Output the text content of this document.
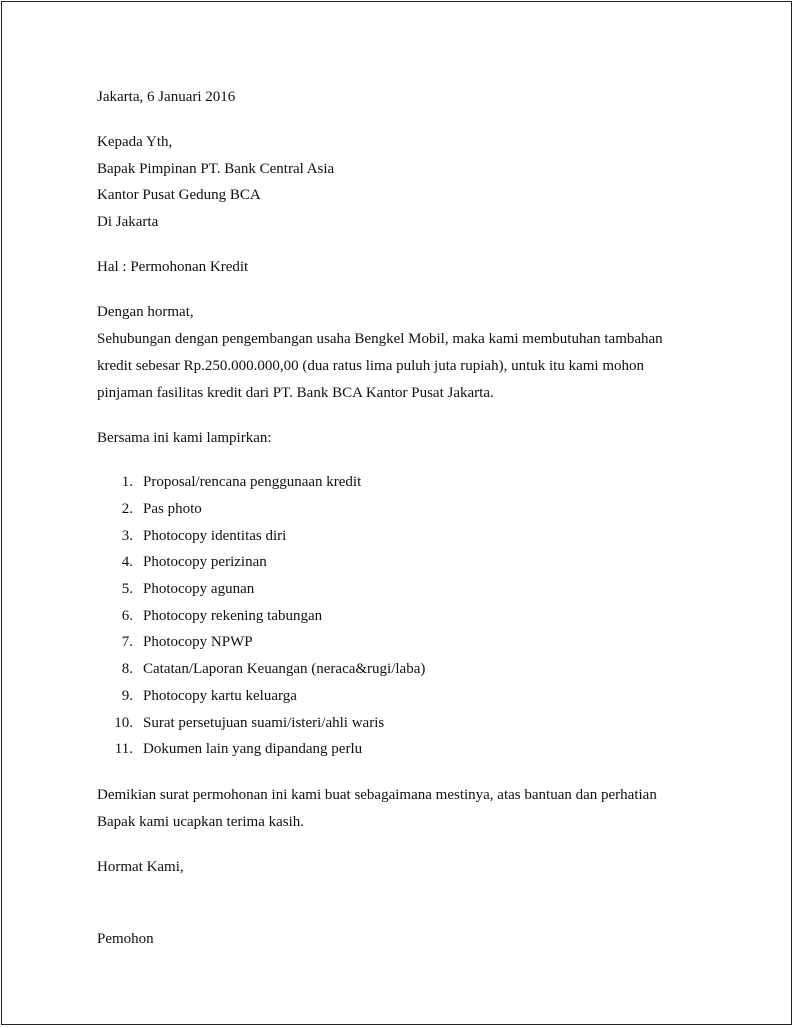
Jakarta, 6 Januari 2016
Kepada Yth,
Bapak Pimpinan PT. Bank Central Asia
Kantor Pusat Gedung BCA
Di Jakarta
Hal : Permohonan Kredit
Dengan hormat,
Sehubungan dengan pengembangan usaha Bengkel Mobil, maka kami membutuhan tambahan
kredit sebesar Rp.250.000.000,00 (dua ratus lima puluh juta rupiah), untuk itu kami mohon
pinjaman fasilitas kredit dari PT. Bank BCA Kantor Pusat Jakarta.
Bersama ini kami lampirkan:
1. Proposal/rencana penggunaan kredit
2. Pas photo
3. Photocopy identitas diri
4. Photocopy perizinan
5. Photocopy agunan
6. Photocopy rekening tabungan
7. Photocopy NPWP
8. Catatan/Laporan Keuangan (neraca&rugi/laba)
9. Photocopy kartu keluarga
10. Surat persetujuan suami/isteri/ahli waris
11. Dokumen lain yang dipandang perlu
Demikian surat permohonan ini kami buat sebagaimana mestinya, atas bantuan dan perhatian
Bapak kami ucapkan terima kasih.
Hormat Kami,
Pemohon
